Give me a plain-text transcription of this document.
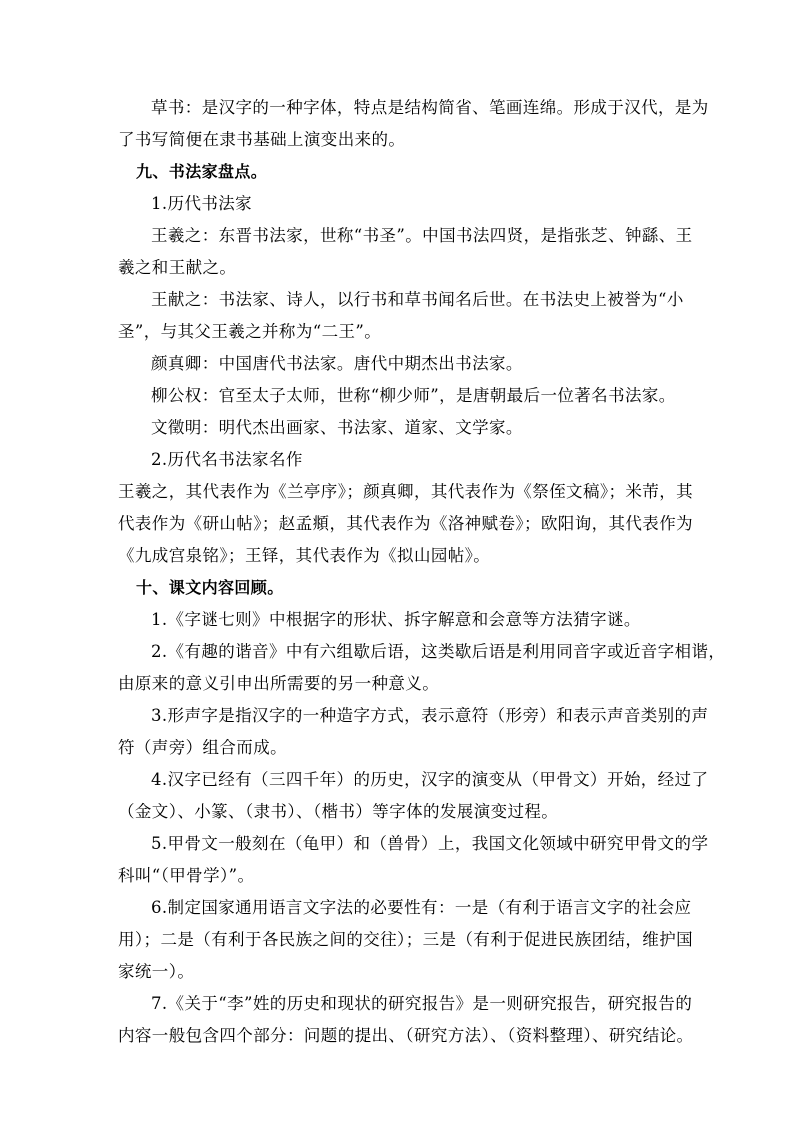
草书：是汉字的一种字体，特点是结构简省、笔画连绵。形成于汉代，是为
了书写简便在隶书基础上演变出来的。
九、书法家盘点。
1.历代书法家
王羲之：东晋书法家，世称“书圣”。中国书法四贤，是指张芝、钟繇、王
羲之和王献之。
王献之：书法家、诗人，以行书和草书闻名后世。在书法史上被誉为“小
圣”，与其父王羲之并称为“二王”。
颜真卿：中国唐代书法家。唐代中期杰出书法家。
柳公权：官至太子太师，世称“柳少师”，是唐朝最后一位著名书法家。
文徵明：明代杰出画家、书法家、道家、文学家。
2.历代名书法家名作
王羲之，其代表作为《兰亭序》；颜真卿，其代表作为《祭侄文稿》；米芾，其
代表作为《研山帖》；赵孟頫，其代表作为《洛神赋卷》；欧阳询，其代表作为
《九成宫泉铭》；王铎，其代表作为《拟山园帖》。
十、课文内容回顾。
1.《字谜七则》中根据字的形状、拆字解意和会意等方法猜字谜。
2.《有趣的谐音》中有六组歇后语，这类歇后语是利用同音字或近音字相谐，
由原来的意义引申出所需要的另一种意义。
3.形声字是指汉字的一种造字方式，表示意符（形旁）和表示声音类别的声
符（声旁）组合而成。
4.汉字已经有（三四千年）的历史，汉字的演变从（甲骨文）开始，经过了
（金文）、小篆、（隶书）、（楷书）等字体的发展演变过程。
5.甲骨文一般刻在（龟甲）和（兽骨）上，我国文化领域中研究甲骨文的学
科叫“（甲骨学）”。
6.制定国家通用语言文字法的必要性有：一是（有利于语言文字的社会应
用）；二是（有利于各民族之间的交往）；三是（有利于促进民族团结，维护国
家统一）。
7.《关于“李”姓的历史和现状的研究报告》是一则研究报告，研究报告的
内容一般包含四个部分：问题的提出、（研究方法）、（资料整理）、研究结论。
